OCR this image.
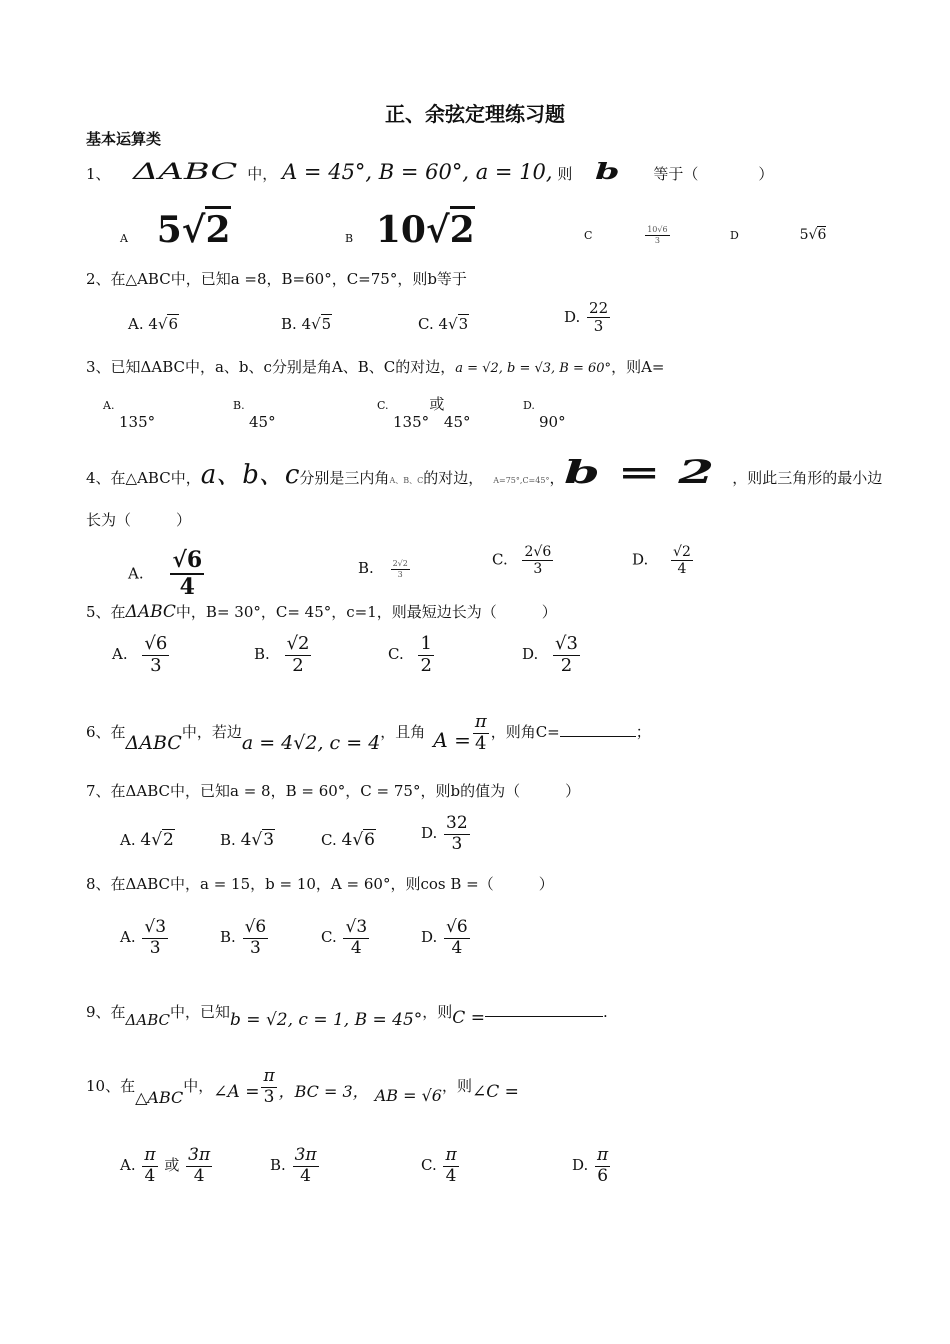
正、余弦定理练习题
基本运算类
1、 ΔABC 中， A = 45°, B = 60°, a = 10, 则 b 等于（　　　　）
A 5√2	B 10√2	C	$\frac{10√6}{3}$	D	5√6
2、在△ABC中，已知a =8，B=60°，C=75°，则b等于
A. 4√6	B. 4√5	C. 4√3	D. $\frac{22}{3}$
3、已知ΔABC中，a、b、c分别是角A、B、C的对边，a = √2, b = √3, B = 60°，则A=
A.
135°
B.
45°
C.	或
135° 45°
D.
90°
4、在△ABC中，a、b、c分别是三内角A、B、C的对边， A=75°,C=45°，b = 2 ，则此三角形的最小边
长为（　　　）
A. $\frac{√6}{4}$	B. $\frac{2√2}{3}$	C. $\frac{2√6}{3}$	D. $\frac{√2}{4}$
5、在ΔABC中，B= 30°，C= 45°，c=1，则最短边长为（　　　）
A. $\frac{√6}{3}$	B. $\frac{√2}{2}$	C. $\frac{1}{2}$	D. $\frac{√3}{2}$
6、在ΔABC中，若边a = 4√2, c = 4，且角 $A = \frac{\pi}{4}$ ，则角C=	；
7、在ΔABC中，已知a = 8，B = 60°，C = 75°，则b的值为（　　　）
A. 4√2	B. 4√3	C. 4√6	D. $\frac{32}{3}$
8、在ΔABC中，a = 15，b = 10，A = 60°，则cos B =（　　　）
A. $\frac{√3}{3}$	B. $\frac{√6}{3}$	C. $\frac{√3}{4}$	D. $\frac{√6}{4}$
9、在ΔABC中，已知b = √2, c = 1, B = 45°，则C =	.
10、在△ABC中，∠A = $\frac{\pi}{3}$ ，BC = 3， AB = √6，则∠C =
A. $\frac{\pi}{4}$ 或 $\frac{3\pi}{4}$	B. $\frac{3\pi}{4}$	C. $\frac{\pi}{4}$	D. $\frac{\pi}{6}$
